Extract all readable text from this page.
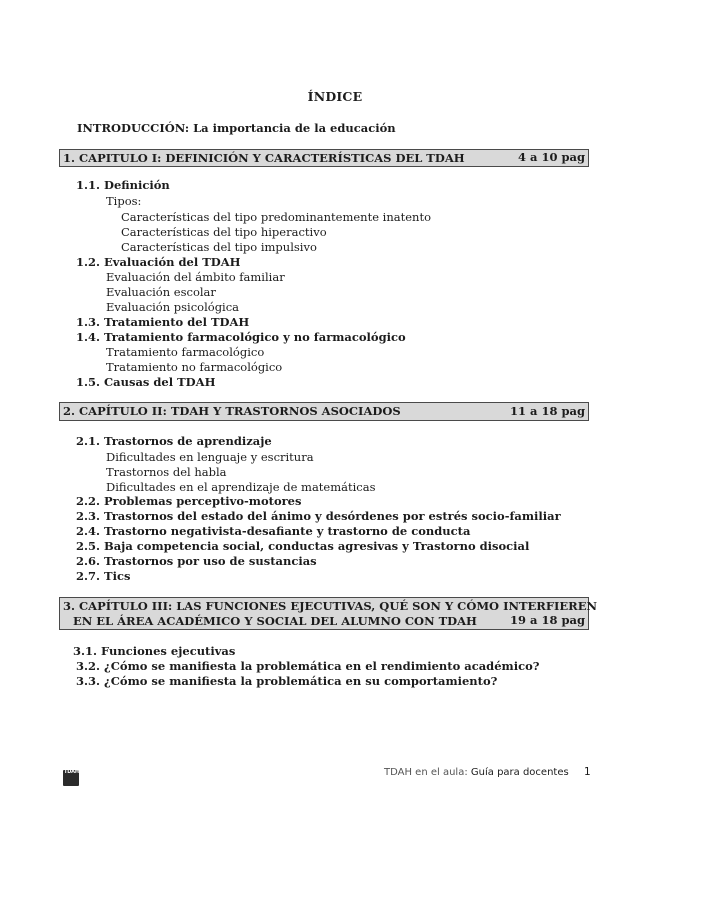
ÍNDICE
INTRODUCCIÓN: La importancia de la educación
1. CAPITULO I: DEFINICIÓN Y CARACTERÍSTICAS DEL TDAH	4 a 10 pag
1.1. Definición
Tipos:
Características del tipo predominantemente inatento
Características del tipo hiperactivo
Características del tipo impulsivo
1.2. Evaluación del TDAH
Evaluación del ámbito familiar
Evaluación escolar
Evaluación psicológica
1.3. Tratamiento del TDAH
1.4. Tratamiento farmacológico y no farmacológico
Tratamiento farmacológico
Tratamiento no farmacológico
1.5. Causas del TDAH
2. CAPÍTULO II: TDAH Y TRASTORNOS ASOCIADOS	11 a 18 pag
2.1. Trastornos de aprendizaje
Dificultades en lenguaje y escritura
Trastornos del habla
Dificultades en el aprendizaje de matemáticas
2.2. Problemas perceptivo-motores
2.3. Trastornos del estado del ánimo y desórdenes por estrés socio-familiar
2.4. Trastorno negativista-desafiante y trastorno de conducta
2.5. Baja competencia social, conductas agresivas y Trastorno disocial
2.6. Trastornos por uso de sustancias
2.7. Tics
3. CAPÍTULO III: LAS FUNCIONES EJECUTIVAS, QUÉ SON Y CÓMO INTERFIEREN
EN EL ÁREA ACADÉMICO Y SOCIAL DEL ALUMNO CON TDAH	19 a 18 pag
3.1. Funciones ejecutivas
3.2. ¿Cómo se manifiesta la problemática en el rendimiento académico?
3.3. ¿Cómo se manifiesta la problemática en su comportamiento?
TDAH	TDAH en el aula: Guía para docentes 1
